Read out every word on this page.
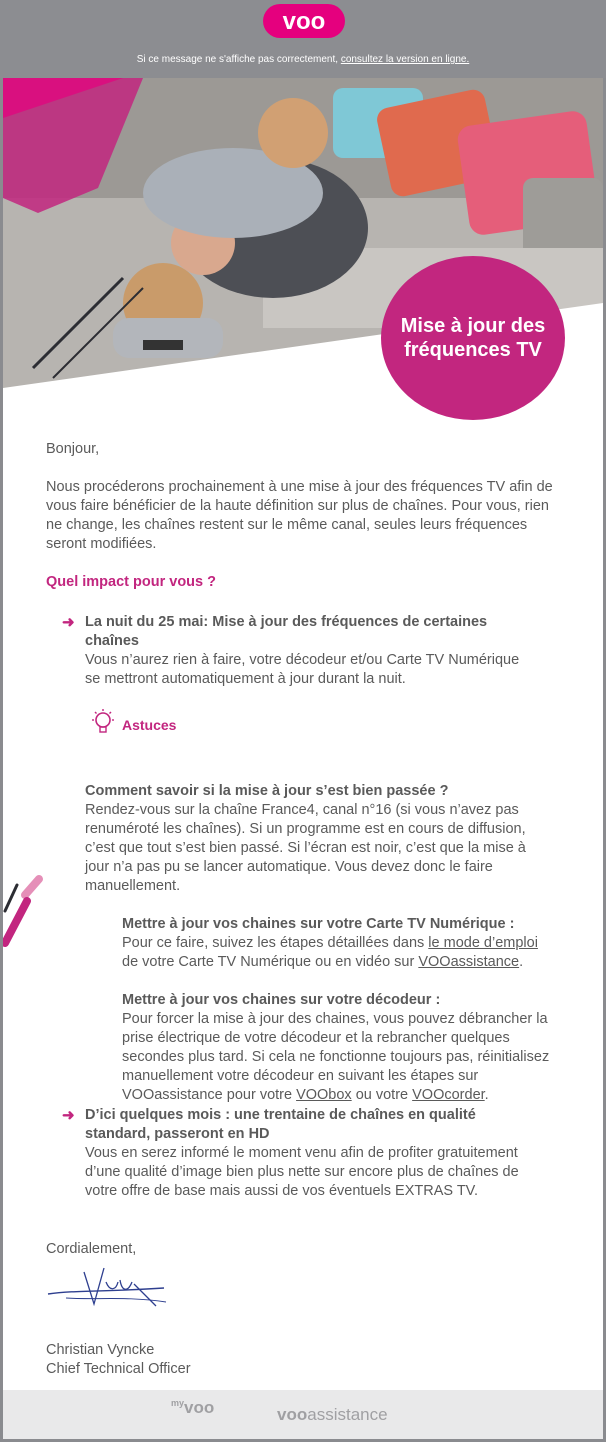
voo
Si ce message ne s'affiche pas correctement, consultez la version en ligne.
Mise à jour des
fréquences TV
Bonjour,
Nous procéderons prochainement à une mise à jour des fréquences TV afin de vous faire bénéficier de la haute définition sur plus de chaînes. Pour vous, rien ne change, les chaînes restent sur le même canal, seules leurs fréquences seront modifiées.
Quel impact pour vous ?
➜ La nuit du 25 mai: Mise à jour des fréquences de certaines chaînes
Vous n’aurez rien à faire, votre décodeur et/ou Carte TV Numérique se mettront automatiquement à jour durant la nuit.
Astuces
Comment savoir si la mise à jour s’est bien passée ?
Rendez-vous sur la chaîne France4, canal n°16 (si vous n’avez pas renuméroté les chaînes). Si un programme est en cours de diffusion, c’est que tout s’est bien passé. Si l’écran est noir, c’est que la mise à jour n’a pas pu se lancer automatique. Vous devez donc le faire manuellement.
Mettre à jour vos chaines sur votre Carte TV Numérique :
Pour ce faire, suivez les étapes détaillées dans le mode d’emploi de votre Carte TV Numérique ou en vidéo sur VOOassistance.
Mettre à jour vos chaines sur votre décodeur :
Pour forcer la mise à jour des chaines, vous pouvez débrancher la prise électrique de votre décodeur et la rebrancher quelques secondes plus tard. Si cela ne fonctionne toujours pas, réinitialisez manuellement votre décodeur en suivant les étapes sur VOOassistance pour votre VOObox ou votre VOOcorder.
➜ D’ici quelques mois : une trentaine de chaînes en qualité standard, passeront en HD
Vous en serez informé le moment venu afin de profiter gratuitement d’une qualité d’image bien plus nette sur encore plus de chaînes de votre offre de base mais aussi de vos éventuels EXTRAS TV.
Cordialement,
Christian Vyncke
Chief Technical Officer
$^{my}$voo	vooassistance
